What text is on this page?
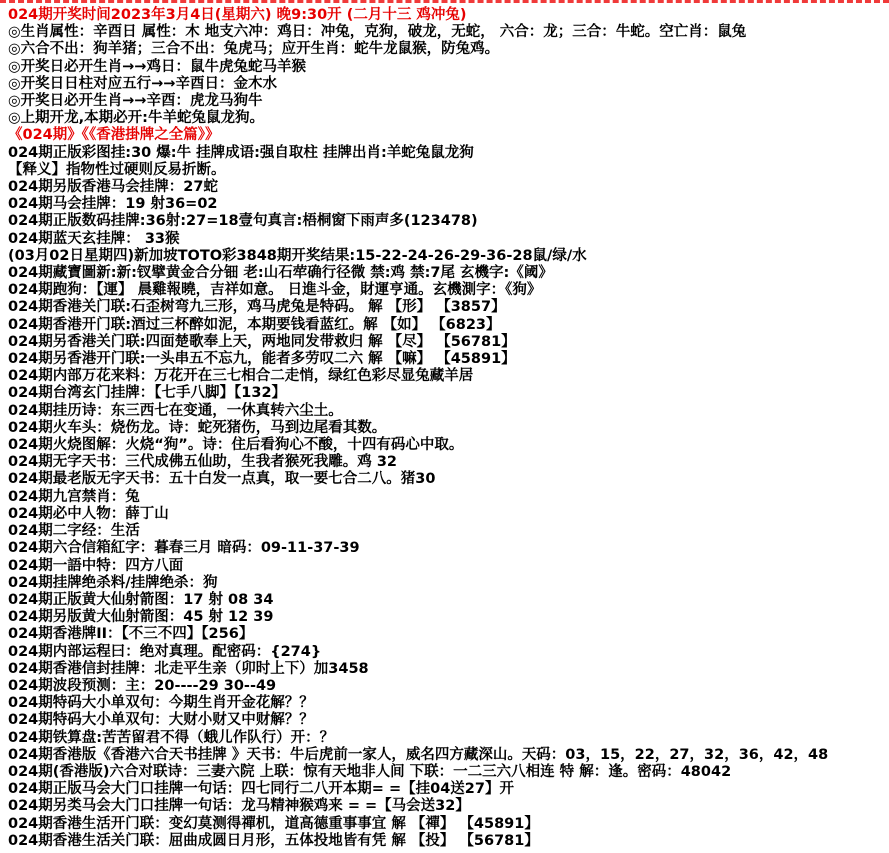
024期开奖时间2023年3月4日(星期六) 晚9:30开 (二月十三 鸡冲兔)
◎生肖属性：辛酉日 属性：木 地支六冲：鸡日：冲兔，克狗，破龙，无蛇， 六合：龙；三合：牛蛇。空亡肖：鼠兔
◎六合不出：狗羊猪；三合不出：兔虎马；应开生肖：蛇牛龙鼠猴，防兔鸡。
◎开奖日必开生肖→→鸡日：鼠牛虎兔蛇马羊猴
◎开奖日日柱对应五行→→辛酉日：金木水
◎开奖日必开生肖→→辛酉：虎龙马狗牛
◎上期开龙,本期必开:牛羊蛇兔鼠龙狗。
《024期》《《香港掛牌之全篇》》
024期正版彩图挂:30 爆:牛 挂牌成语:强自取柱 挂牌出肖:羊蛇兔鼠龙狗
【释义】指物性过硬则反易折断。
024期另版香港马会挂牌：27蛇
024期马会挂牌：19 射36=02
024期正版数码挂牌:36射:27=18壹句真言:梧桐窗下雨声多(123478)
024期蓝天玄挂牌： 33猴
(03月02日星期四)新加坡TOTO彩3848期开奖结果:15-22-24-26-29-36-28鼠/绿/水
024期藏寶圖新:新:钗擘黄金合分钿 老:山石荦确行径微 禁:鸡 禁:7尾 玄機字:《阈》
024期跑狗：【運】 晨雞報曉，吉祥如意。 日進斗金，財運亨通。玄機測字：《狗》
024期香港关门联:石歪树弯九三形，鸡马虎兔是特码。 解 【形】 【3857】
024期香港开门联:酒过三杯醉如泥，本期要钱看蓝红。解 【如】 【6823】
024期另香港关门联:四面楚歌奉上天，两地同发带救归 解 【尽】 【56781】
024期另香港开门联:一头串五不忘九，能者多劳叹二六 解 【嘛】 【45891】
024期内部万花来料：万花开在三七相合二走悄，绿红色彩尽显兔藏羊居
024期台湾玄门挂牌：【七手八脚】【132】
024期挂历诗：东三西七在变通，一休真转六尘土。
024期火车头：烧伤龙。诗：蛇死猪伤，马到边尾看其数。
024期火烧图解：火烧“狗”。诗：住后看狗心不酸，十四有码心中取。
024期无字天书：三代成佛五仙助，生我者猴死我雕。鸡 32
024期最老版无字天书：五十白发一点真，取一要七合二八。猪30
024期九宫禁肖：兔
024期必中人物：薛丁山
024期二字经：生活
024期六合信箱紅字：暮春三月 暗码：09-11-37-39
024期一語中特：四方八面
024期挂牌绝杀料/挂牌绝杀：狗
024期正版黄大仙射箭图：17 射 08 34
024期另版黄大仙射箭图：45 射 12 39
024期香港牌II：【不三不四】【256】
024期内部运程曰：绝对真理。配密码：{274}
024期香港信封挂牌：北走平生亲（卯时上下）加3458
024期波段预测：主：20----29 30--49
024期特码大小单双句：今期生肖开金花解？？
024期特码大小单双句：大财小财又中财解？？
024期铁算盘:苦苦留君不得（蛾儿作队行）开：？
024期香港版《香港六合天书挂牌 》天书：牛后虎前一家人，威名四方藏深山。天码：03，15，22，27，32，36，42，48
024期(香港版)六合对联诗：三妻六院 上联：惊有天地非人间 下联：一二三六八相连 特 解：逢。密码：48042
024期正版马会大门口挂牌一句话：四七同行二八开本期= =【挂04送27】开
024期另类马会大门口挂牌一句话：龙马精神猴鸡来 = =【马会送32】
024期香港生活开门联：变幻莫测得禪机，道高德重事事宜 解 【禪】 【45891】
024期香港生活关门联：屈曲成圆日月形，五体投地皆有凭 解 【投】 【56781】
